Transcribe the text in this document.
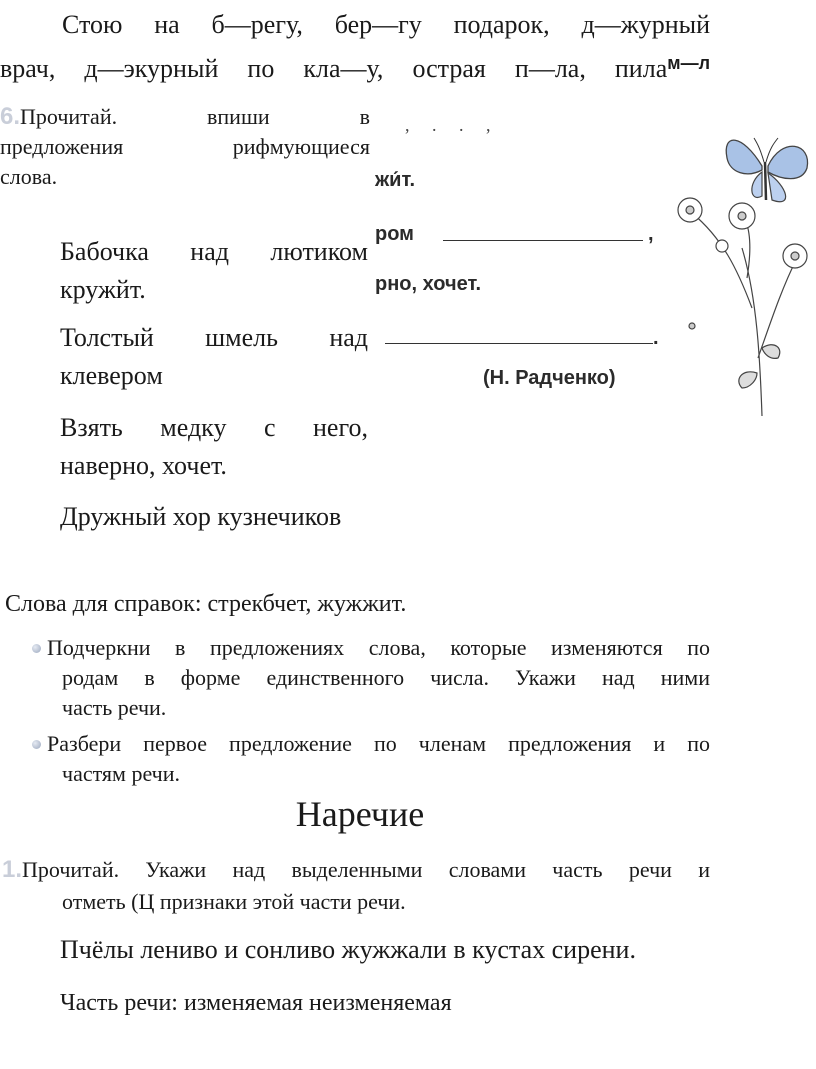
Стою на б—регу, бер—гу подарок, д—журный
врач, д—экурный по кла—у, острая п—ла, пила$^{м—л}$
6.Прочитай. впиши в
предложения рифмующиеся
слова.
Бабочка над лютиком
кружйт.
Толстый шмель над
клевером
Взять медку с него,
наверно, хочет.
Дружный хор кузнечиков
,     .     .     ,
жи́т.
ром	,
рно, хочет.
.
(Н. Радченко)
Слова для справок: стрекбчет, жужжит.
Подчеркни в предложениях слова, которые изменяются по
родам в форме единственного числа. Укажи над ними
часть речи.
Разбери первое предложение по членам предложения и по
частям речи.
Наречие
1.Прочитай. Укажи над выделенными словами часть речи и
отметь (Ц признаки этой части речи.
Пчёлы лениво и сонливо жужжали в кустах сирени.
Часть речи: изменяемая неизменяемая
